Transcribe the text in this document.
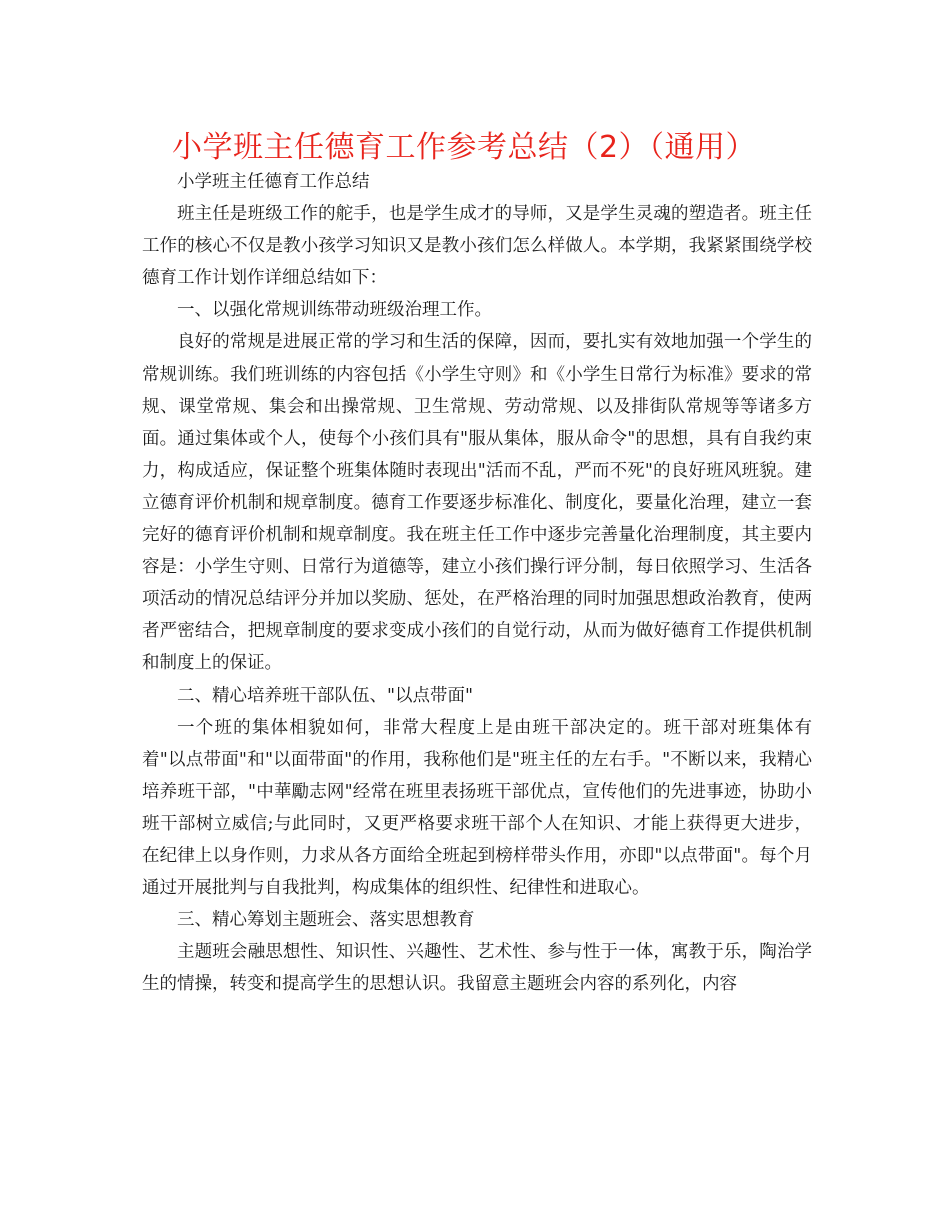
小学班主任德育工作参考总结（2）（通用）

小学班主任德育工作总结

班主任是班级工作的舵手，也是学生成才的导师，又是学生灵魂的塑造者。班主任工作的核心不仅是教小孩学习知识又是教小孩们怎么样做人。本学期，我紧紧围绕学校德育工作计划作详细总结如下：

一、以强化常规训练带动班级治理工作。

良好的常规是进展正常的学习和生活的保障，因而，要扎实有效地加强一个学生的常规训练。我们班训练的内容包括《小学生守则》和《小学生日常行为标准》要求的常规、课堂常规、集会和出操常规、卫生常规、劳动常规、以及排街队常规等等诸多方面。通过集体或个人，使每个小孩们具有"服从集体，服从命令"的思想，具有自我约束力，构成适应，保证整个班集体随时表现出"活而不乱，严而不死"的良好班风班貌。建立德育评价机制和规章制度。德育工作要逐步标准化、制度化，要量化治理，建立一套完好的德育评价机制和规章制度。我在班主任工作中逐步完善量化治理制度，其主要内容是：小学生守则、日常行为道德等，建立小孩们操行评分制，每日依照学习、生活各项活动的情况总结评分并加以奖励、惩处，在严格治理的同时加强思想政治教育，使两者严密结合，把规章制度的要求变成小孩们的自觉行动，从而为做好德育工作提供机制和制度上的保证。

二、精心培养班干部队伍、"以点带面"

一个班的集体相貌如何，非常大程度上是由班干部决定的。班干部对班集体有着"以点带面"和"以面带面"的作用，我称他们是"班主任的左右手。"不断以来，我精心培养班干部，"中華勵志网"经常在班里表扬班干部优点，宣传他们的先进事迹，协助小班干部树立威信;与此同时，又更严格要求班干部个人在知识、才能上获得更大进步，在纪律上以身作则，力求从各方面给全班起到榜样带头作用，亦即"以点带面"。每个月通过开展批判与自我批判，构成集体的组织性、纪律性和进取心。

三、精心筹划主题班会、落实思想教育

主题班会融思想性、知识性、兴趣性、艺术性、参与性于一体，寓教于乐，陶治学生的情操，转变和提高学生的思想认识。我留意主题班会内容的系列化，内容
